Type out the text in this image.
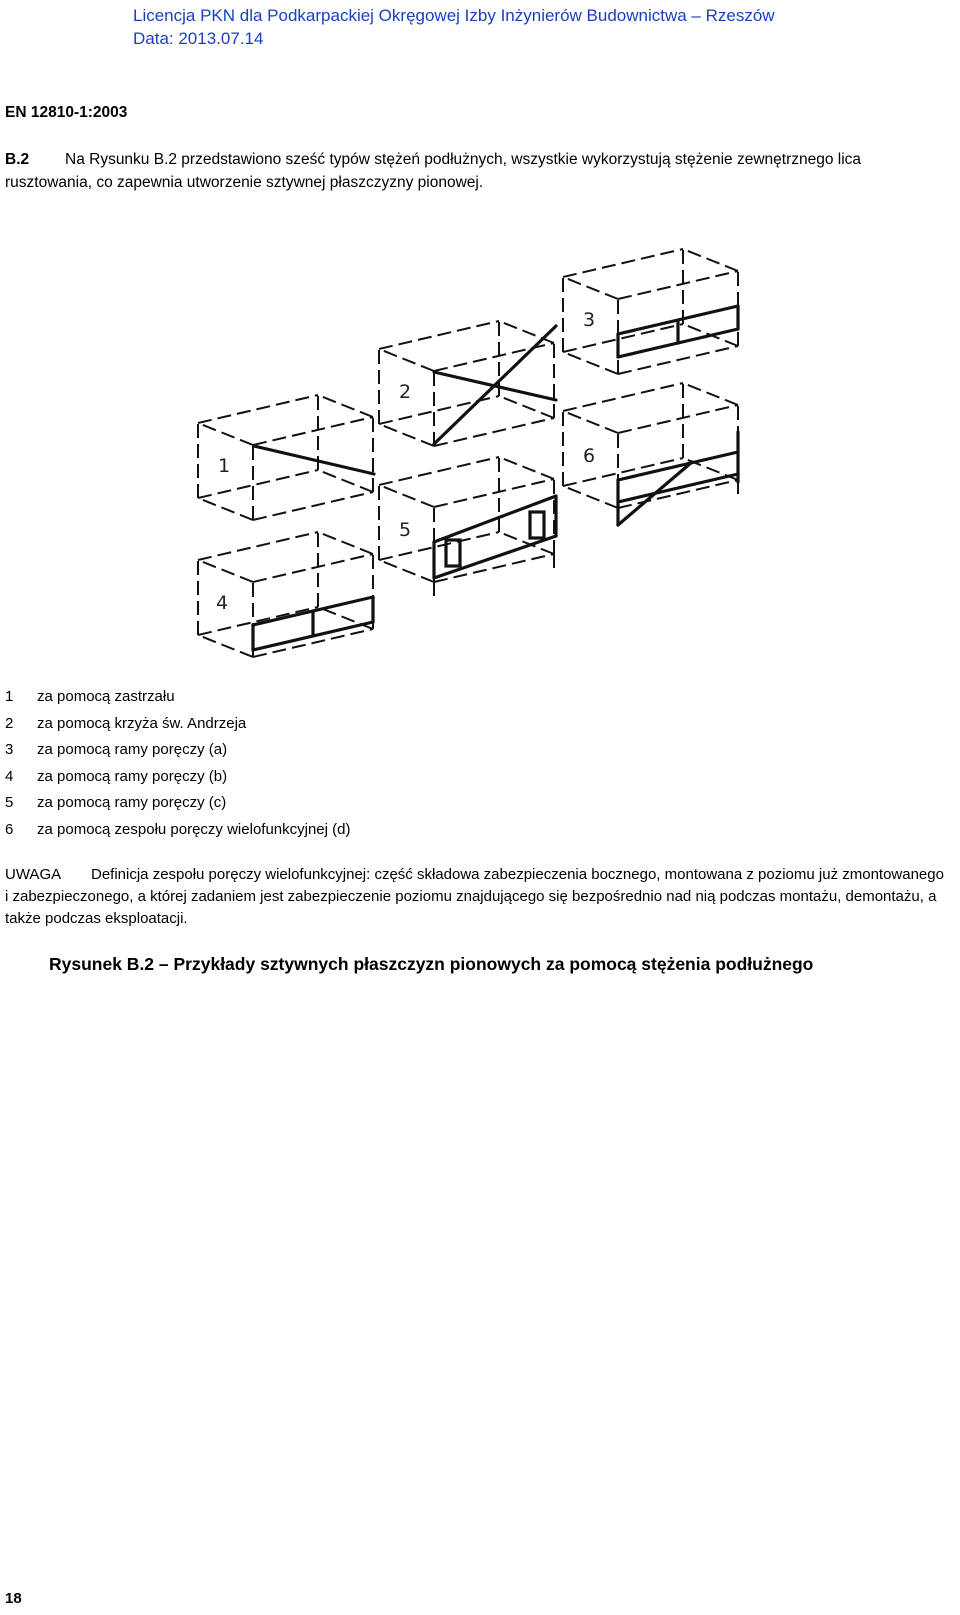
Licencja PKN dla Podkarpackiej Okręgowej Izby Inżynierów Budownictwa – Rzeszów
Data: 2013.07.14
EN 12810-1:2003
B.2 Na Rysunku B.2 przedstawiono sześć typów stężeń podłużnych, wszystkie wykorzystują stężenie zewnętrznego lica rusztowania, co zapewnia utworzenie sztywnej płaszczyzny pionowej.
1
2
3
4
5
6
1	za pomocą zastrzału
2	za pomocą krzyża św. Andrzeja
3	za pomocą ramy poręczy (a)
4	za pomocą ramy poręczy (b)
5	za pomocą ramy poręczy (c)
6	za pomocą zespołu poręczy wielofunkcyjnej (d)
UWAGA Definicja zespołu poręczy wielofunkcyjnej: część składowa zabezpieczenia bocznego, montowana z poziomu już zmontowanego i zabezpieczonego, a której zadaniem jest zabezpieczenie poziomu znajdującego się bezpośrednio nad nią podczas montażu, demontażu, a także podczas eksploatacji.
Rysunek B.2 – Przykłady sztywnych płaszczyzn pionowych za pomocą stężenia podłużnego
18
